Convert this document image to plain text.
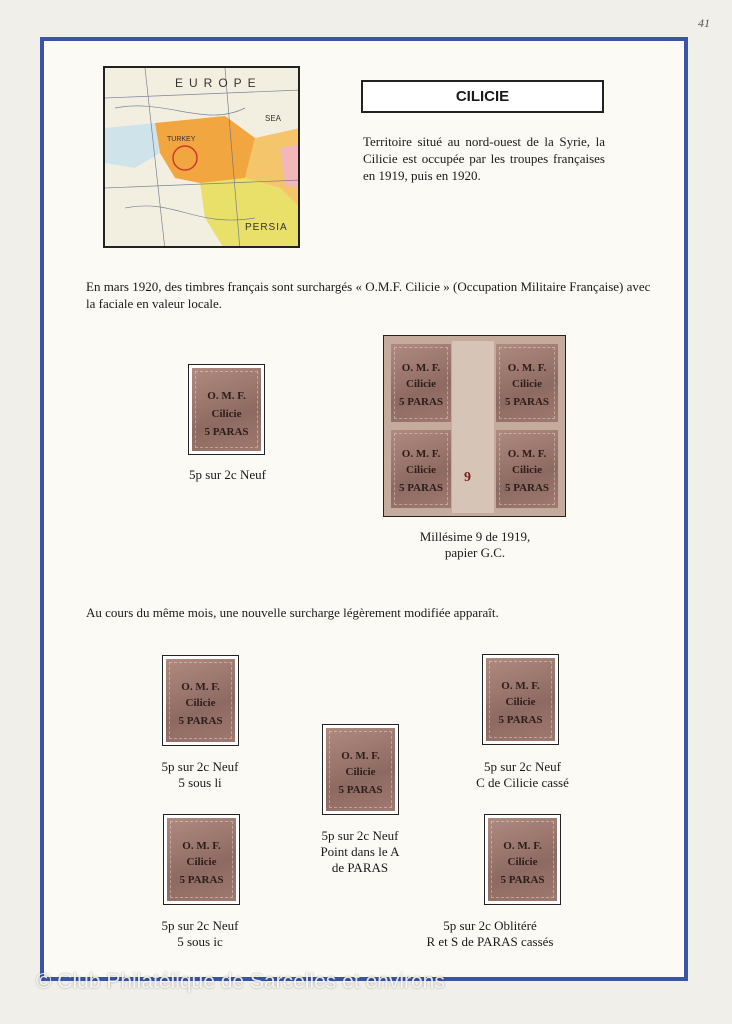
41
EUROPE
SEA
TURKEY
PERSIA
CILICIE
Territoire situé au nord-ouest de la Syrie, la Cilicie est occupée par les troupes françaises en 1919, puis en 1920.
En mars 1920, des timbres français sont surchargés « O.M.F. Cilicie » (Occupation Militaire Française) avec la faciale en valeur locale.
O. M. F.
Cilicie
5 PARAS
5p sur 2c Neuf	9
O. M. F.
Cilicie
5 PARAS
O. M. F.
Cilicie
5 PARAS
O. M. F.
Cilicie
5 PARAS
O. M. F.
Cilicie
5 PARAS
Millésime 9 de 1919,
papier G.C.
Au cours du même mois, une nouvelle surcharge légèrement modifiée apparaît.
O. M. F.
Cilicie
5 PARAS
5p sur 2c Neuf
5 sous li
O. M. F.
Cilicie
5 PARAS
5p sur 2c Neuf
C de Cilicie cassé
O. M. F.
Cilicie
5 PARAS
5p sur 2c Neuf
Point dans le A
de PARAS
O. M. F.
Cilicie
5 PARAS
5p sur 2c Neuf
5 sous ic
O. M. F.
Cilicie
5 PARAS
5p sur 2c Oblitéré
R et S de PARAS cassés
© Club Philatélique de Sarcelles et environs
